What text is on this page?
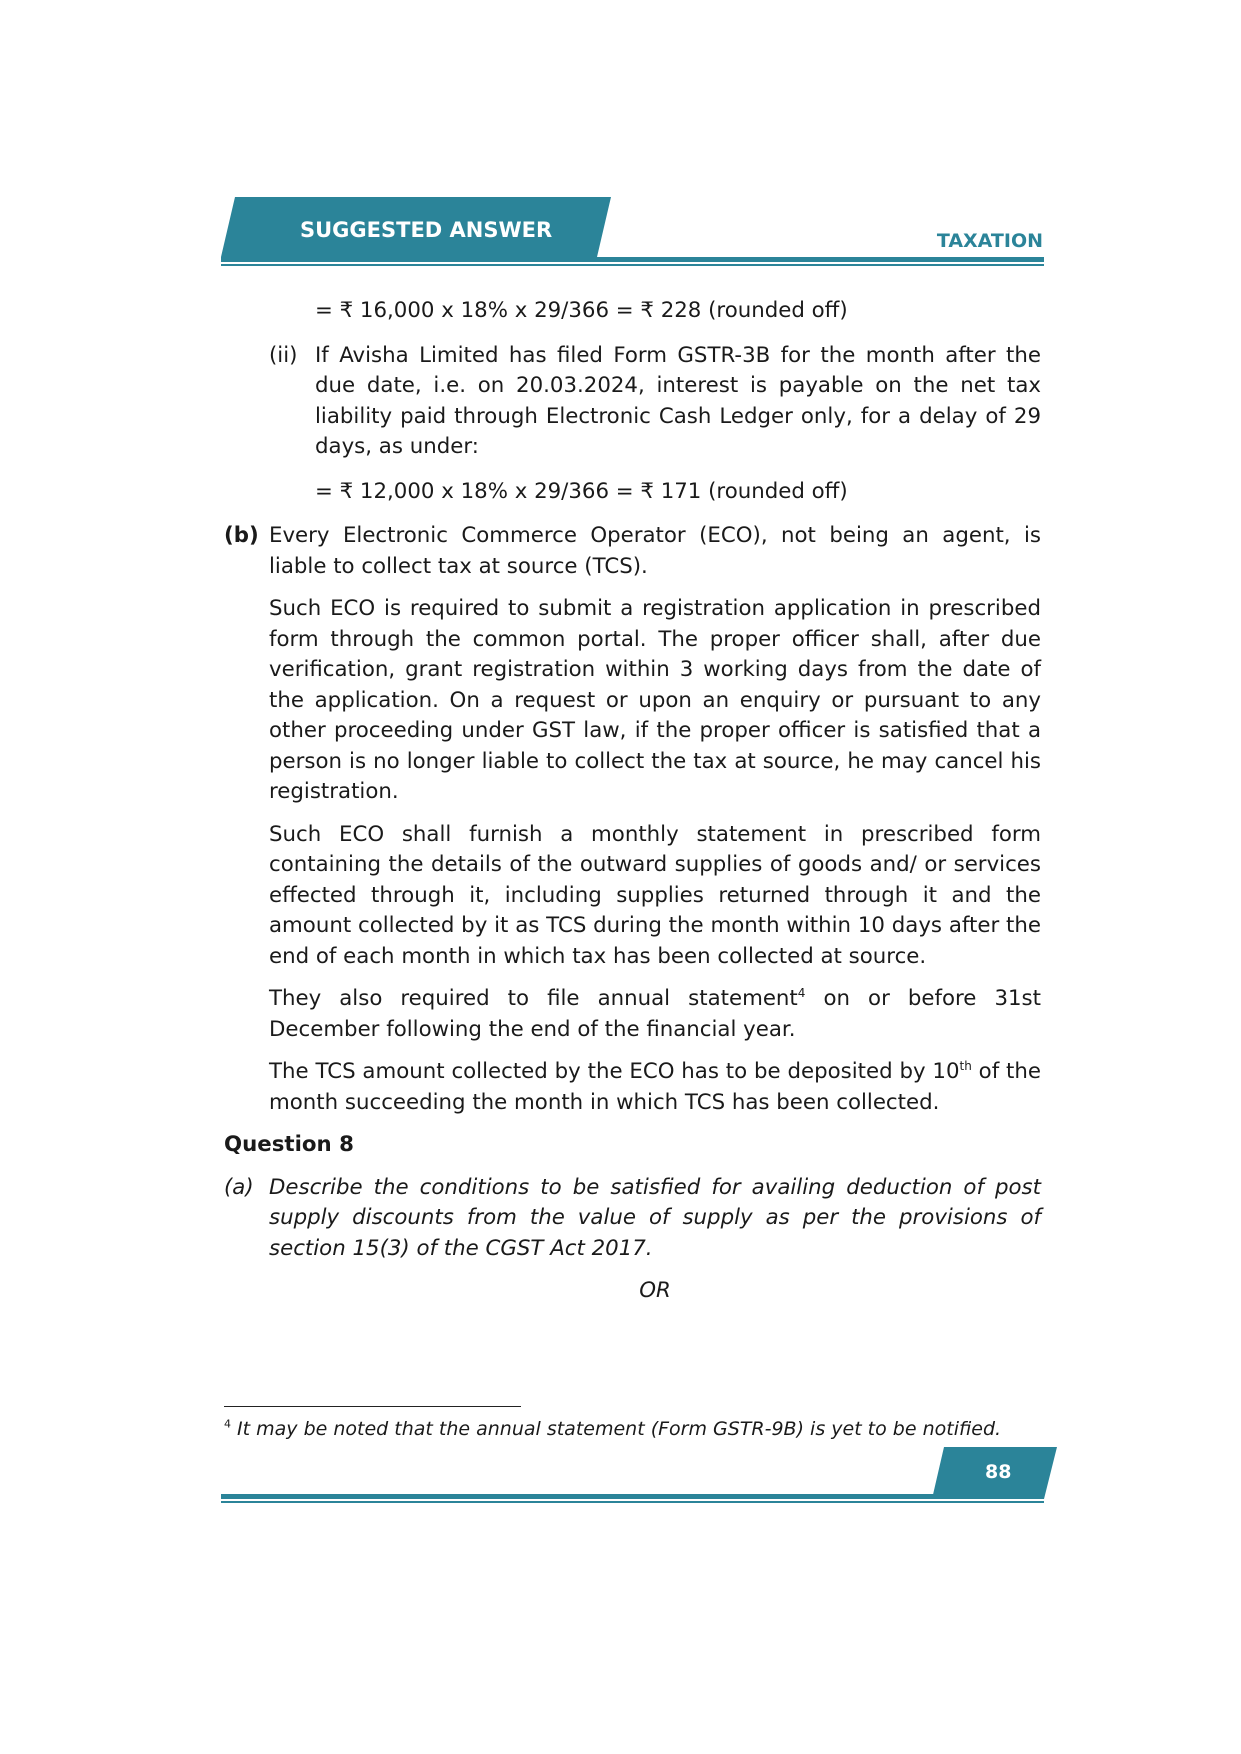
SUGGESTED ANSWER	TAXATION

= ₹ 16,000 x 18% x 29/366 = ₹ 228 (rounded off)

(ii) If Avisha Limited has filed Form GSTR-3B for the month after the due date, i.e. on 20.03.2024, interest is payable on the net tax liability paid through Electronic Cash Ledger only, for a delay of 29 days, as under:

= ₹ 12,000 x 18% x 29/366 = ₹ 171 (rounded off)

(b) Every Electronic Commerce Operator (ECO), not being an agent, is liable to collect tax at source (TCS).

Such ECO is required to submit a registration application in prescribed form through the common portal. The proper officer shall, after due verification, grant registration within 3 working days from the date of the application. On a request or upon an enquiry or pursuant to any other proceeding under GST law, if the proper officer is satisfied that a person is no longer liable to collect the tax at source, he may cancel his registration.

Such ECO shall furnish a monthly statement in prescribed form containing the details of the outward supplies of goods and/ or services effected through it, including supplies returned through it and the amount collected by it as TCS during the month within 10 days after the end of each month in which tax has been collected at source.

They also required to file annual statement$^4$ on or before 31st December following the end of the financial year.

The TCS amount collected by the ECO has to be deposited by 10th of the month succeeding the month in which TCS has been collected.

Question 8

(a) Describe the conditions to be satisfied for availing deduction of post supply discounts from the value of supply as per the provisions of section 15(3) of the CGST Act 2017.

OR

$^4$ It may be noted that the annual statement (Form GSTR-9B) is yet to be notified.
88
